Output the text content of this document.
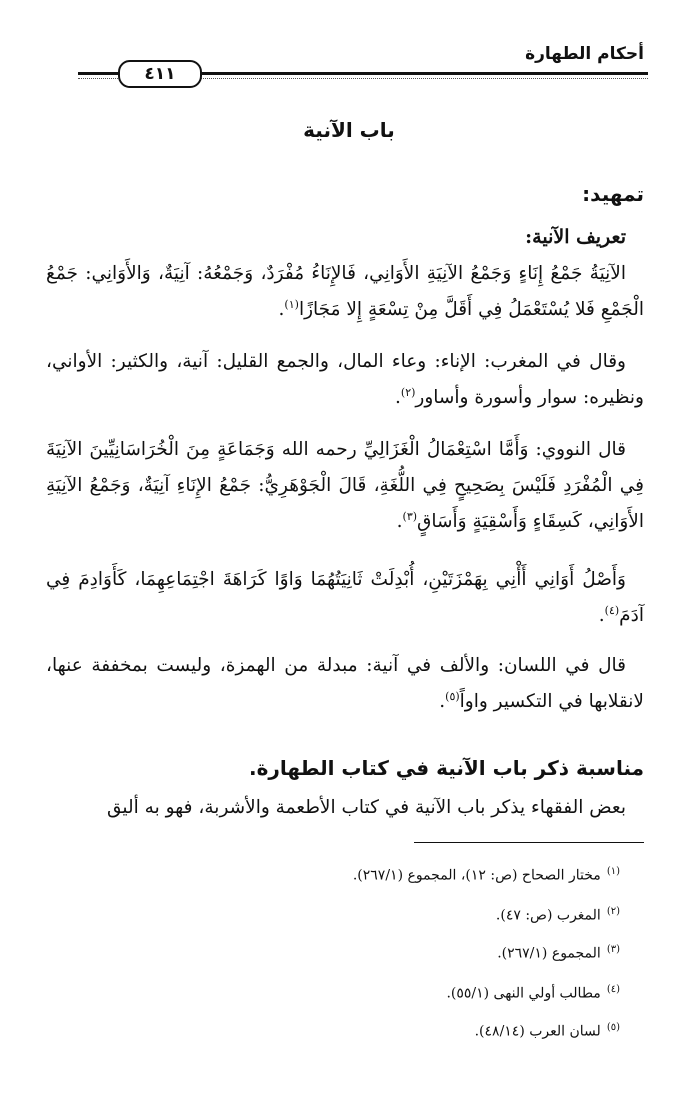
أحكام الطهارة
٤١١
باب الآنية
تمهيد:
تعريف الآنية:
الآنِيَةُ جَمْعُ إِنَاءٍ وَجَمْعُ الآنِيَةِ الأَوَانِي، فَالإِنَاءُ مُفْرَدٌ، وَجَمْعُهُ: آنِيَةٌ، وَالأَوَانِي: جَمْعُ الْجَمْعِ فَلا يُسْتَعْمَلُ فِي أَقَلَّ مِنْ تِسْعَةٍ إِلا مَجَازًا$^{(١)}$.
وقال في المغرب: الإناء: وعاء المال، والجمع القليل: آنية، والكثير: الأواني، ونظيره: سوار وأسورة وأساور$^{(٢)}$.
قال النووي: وَأَمَّا اسْتِعْمَالُ الْغَزَالِيِّ رحمه الله وَجَمَاعَةٍ مِنَ الْخُرَاسَانِيِّينَ الآنِيَةَ فِي الْمُفْرَدِ فَلَيْسَ بِصَحِيحٍ فِي اللُّغَةِ، قَالَ الْجَوْهَرِيُّ: جَمْعُ الإِنَاءِ آنِيَةٌ، وَجَمْعُ الآنِيَةِ الأَوَانِي، كَسِقَاءٍ وَأَسْقِيَةٍ وَأَسَاقٍ$^{(٣)}$.
وَأَصْلُ أَوَانِي أَأْنِي بِهَمْزَتَيْنِ، أُبْدِلَتْ ثَانِيَتُهُمَا وَاوًا كَرَاهَةَ اجْتِمَاعِهِمَا، كَأَوَادِمَ فِي آدَمَ$^{(٤)}$.
قال في اللسان: والألف في آنية: مبدلة من الهمزة، وليست بمخففة عنها، لانقلابها في التكسير واواً$^{(٥)}$.
مناسبة ذكر باب الآنية في كتاب الطهارة.
بعض الفقهاء يذكر باب الآنية في كتاب الأطعمة والأشربة، فهو به أليق
$^{(١)}$مختار الصحاح (ص: ١٢)، المجموع (٢٦٧/١).
$^{(٢)}$المغرب (ص: ٤٧).
$^{(٣)}$المجموع (٢٦٧/١).
$^{(٤)}$مطالب أولي النهى (٥٥/١).
$^{(٥)}$لسان العرب (٤٨/١٤).
